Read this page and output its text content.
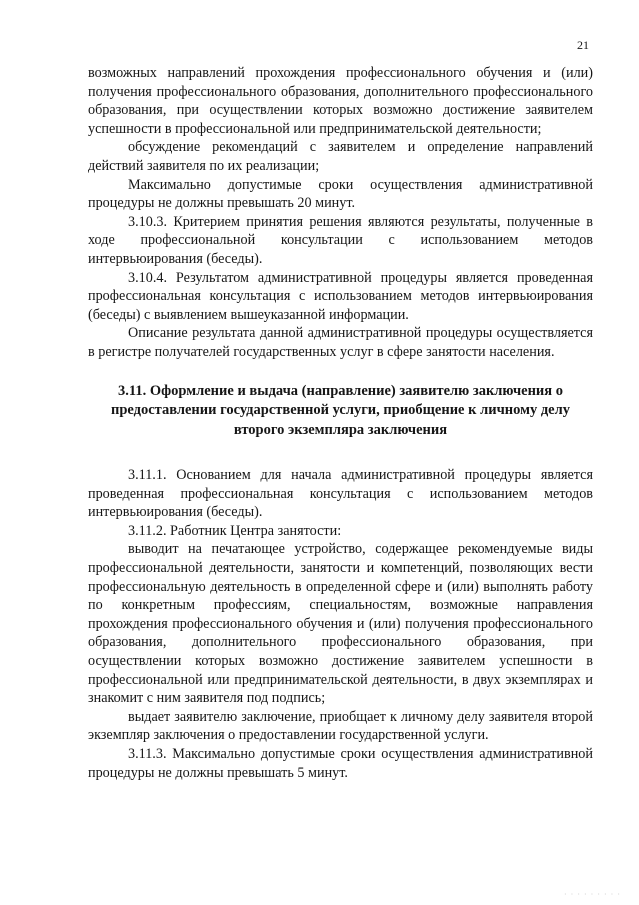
21

возможных направлений прохождения профессионального обучения и (или) получения профессионального образования, дополнительного профессионального образования, при осуществлении которых возможно достижение заявителем успешности в профессиональной или предпринимательской деятельности;

обсуждение рекомендаций с заявителем и определение направлений действий заявителя по их реализации;

Максимально допустимые сроки осуществления административной процедуры не должны превышать 20 минут.

3.10.3. Критерием принятия решения являются результаты, полученные в ходе профессиональной консультации с использованием методов интервьюирования (беседы).

3.10.4. Результатом административной процедуры является проведенная профессиональная консультация с использованием методов интервьюирования (беседы) с выявлением вышеуказанной информации.

Описание результата данной административной процедуры осуществляется в регистре получателей государственных услуг в сфере занятости населения.

3.11. Оформление и выдача (направление) заявителю заключения о предоставлении государственной услуги, приобщение к личному делу второго экземпляра заключения

3.11.1. Основанием для начала административной процедуры является проведенная профессиональная консультация с использованием методов интервьюирования (беседы).

3.11.2. Работник Центра занятости:

выводит на печатающее устройство, содержащее рекомендуемые виды профессиональной деятельности, занятости и компетенций, позволяющих вести профессиональную деятельность в определенной сфере и (или) выполнять работу по конкретным профессиям, специальностям, возможные направления прохождения профессионального обучения и (или) получения профессионального образования, дополнительного профессионального образования, при осуществлении которых возможно достижение заявителем успешности в профессиональной или предпринимательской деятельности, в двух экземплярах и знакомит с ним заявителя под подпись;

выдает заявителю заключение, приобщает к личному делу заявителя второй экземпляр заключения о предоставлении государственной услуги.

3.11.3. Максимально допустимые сроки осуществления административной процедуры не должны превышать 5 минут.

· · · · · · · · ·
